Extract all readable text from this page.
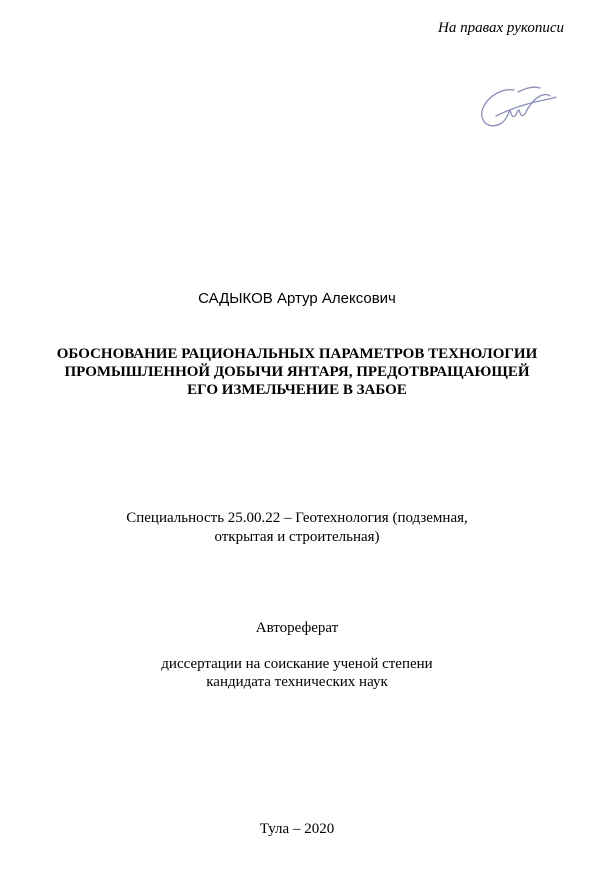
На правах рукописи
САДЫКОВ Артур Алексович
ОБОСНОВАНИЕ РАЦИОНАЛЬНЫХ ПАРАМЕТРОВ ТЕХНОЛОГИИ
ПРОМЫШЛЕННОЙ ДОБЫЧИ ЯНТАРЯ, ПРЕДОТВРАЩАЮЩЕЙ
ЕГО ИЗМЕЛЬЧЕНИЕ В ЗАБОЕ
Специальность 25.00.22 – Геотехнология (подземная,
открытая и строительная)
Автореферат
диссертации на соискание ученой степени
кандидата технических наук
Тула – 2020
